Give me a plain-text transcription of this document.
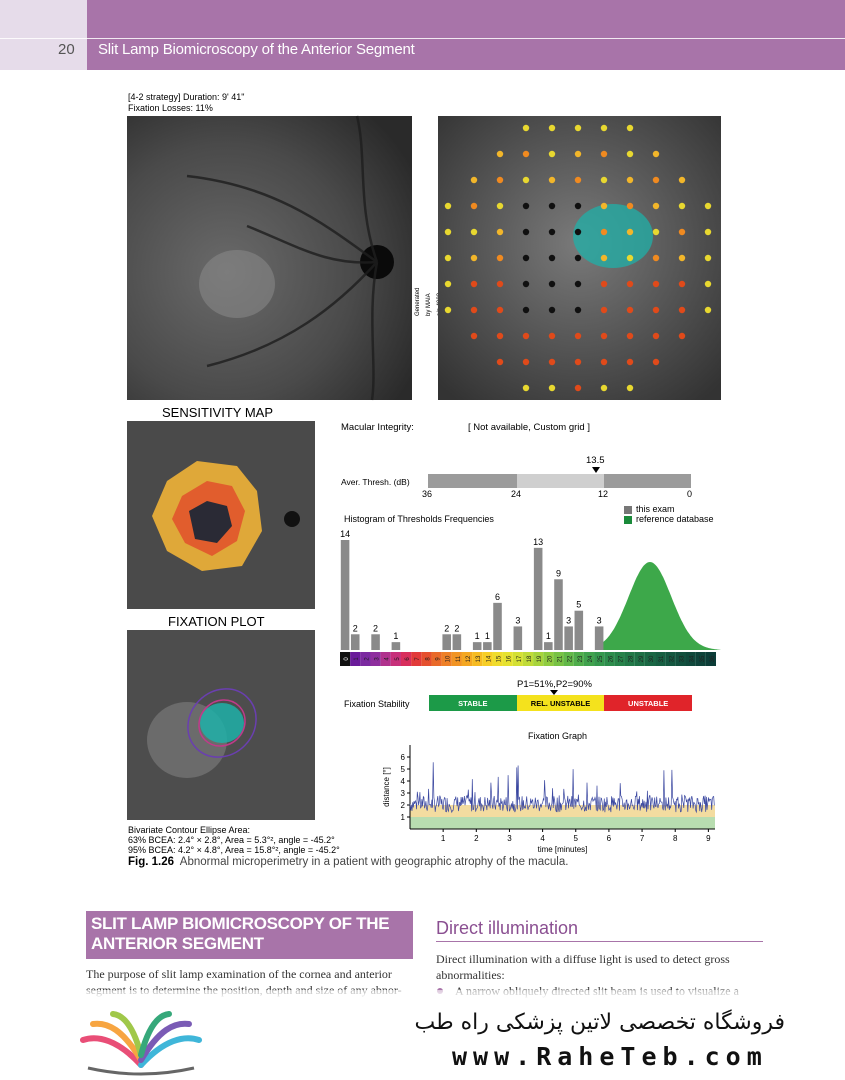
20 Slit Lamp Biomicroscopy of the Anterior Segment
[4-2 strategy] Duration: 9' 41"
Fixation Losses: 11%
Generated by MAIA
SENSITIVITY MAP
FIXATION PLOT
Macular Integrity:	[ Not available, Custom grid ]
13.5
Aver. Thresh. (dB)
36	24	12	0
Histogram of Thresholds Frequencies
this exam
reference database
14
2 2
1
2 2
1 1
6
3
13
1
9
3
5
3
0 1 2 3 4 5 6 7 8 9 10 11 12 13 14 15 16 17 18 19 20 21 22 23 24 25 26 27 28 29 30 31 32 33 34 35 36
P1=51%,P2=90%
Fixation Stability	STABLE	REL. UNSTABLE	UNSTABLE
Fixation Graph
1
2
3
4
5
6
1	2	3	4	5	6	7	8	9
time [minutes]
distance [°]
Bivariate Contour Ellipse Area:
63% BCEA: 2.4° × 2.8°, Area = 5.3°², angle = -45.2°
95% BCEA: 4.2° × 4.8°, Area = 15.8°², angle = -45.2°
Fig. 1.26 Abnormal microperimetry in a patient with geographic atrophy of the macula.
SLIT LAMP BIOMICROSCOPY OF THE ANTERIOR SEGMENT
The purpose of slit lamp examination of the cornea and anterior
Direct illumination
Direct illumination with a diffuse light is used to detect gross abnormalities:
فروشگاه تخصصی لاتین پزشکی راه طب
www.RaheTeb.com
